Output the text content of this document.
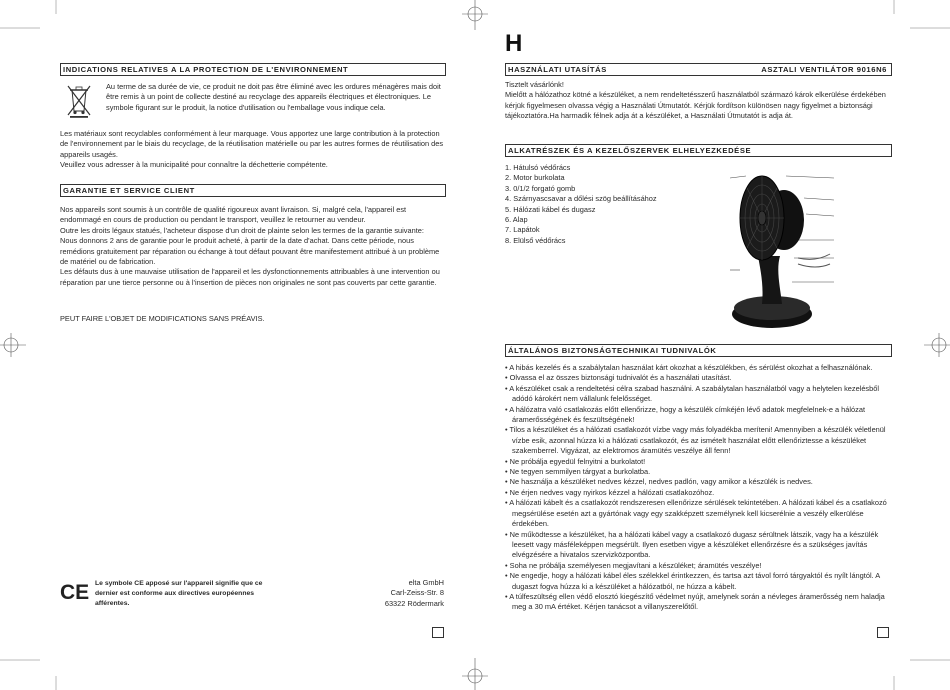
INDICATIONS RELATIVES A LA PROTECTION DE L'ENVIRONNEMENT
Au terme de sa durée de vie, ce produit ne doit pas être éliminé avec les ordures ménagères mais doit être remis à un point de collecte destiné au recyclage des appareils électriques et électroniques. Le symbole figurant sur le produit, la notice d'utilisation ou l'emballage vous indique cela.

Les matériaux sont recyclables conformément à leur marquage. Vous apportez une large contribution à la protection de l'environnement par le biais du recyclage, de la réutilisation matérielle ou par les autres formes de réutilisation des appareils usagés.

Veuillez vous adresser à la municipalité pour connaître la déchetterie compétente.

GARANTIE ET SERVICE CLIENT

Nos appareils sont soumis à un contrôle de qualité rigoureux avant livraison. Si, malgré cela, l'appareil est endommagé en cours de production ou pendant le transport, veuillez le retourner au vendeur.

Outre les droits légaux statués, l'acheteur dispose d'un droit de plainte selon les termes de la garantie suivante:

Nous donnons 2 ans de garantie pour le produit acheté, à partir de la date d'achat. Dans cette période, nous remédions gratuitement par réparation ou échange à tout défaut pouvant être manifestement attribué à un problème de matériel ou de fabrication.

Les défauts dus à une mauvaise utilisation de l'appareil et les dysfonctionnements attribuables à une intervention ou réparation par une tierce personne ou à l'insertion de pièces non originales ne sont pas couverts par cette garantie.

PEUT FAIRE L'OBJET DE MODIFICATIONS SANS PRÉAVIS.
CE Le symbole CE apposé sur l'appareil signifie que ce dernier est conforme aux directives européennes afférentes.

elta GmbH

Carl-Zeiss-Str. 8

63322 Rödermark

H
HASZNÁLATI UTASÍTÁS	ASZTALI VENTILÁTOR 9016N6

Tisztelt vásárlónk!

Mielőtt a hálózathoz kötné a készüléket, a nem rendeltetésszerű használatból származó károk elkerülése érdekében kérjük figyelmesen olvassa végig a Használati Útmutatót. Kérjük fordítson különösen nagy figyelmet a biztonsági tájékoztatóra.Ha harmadik félnek adja át a készüléket, a Használati Útmutatót is adja át.

ALKATRÉSZEK ÉS A KEZELŐSZERVEK ELHELYEZKEDÉSE
1. Hátulsó védőrács
2. Motor burkolata
3. 0/1/2 forgató gomb
4. Szárnyascsavar a dőlési szög beállításához
5. Hálózati kábel és dugasz
6. Alap
7. Lapátok
8. Elülső védőrács
ÁLTALÁNOS BIZTONSÁGTECHNIKAI TUDNIVALÓK
• A hibás kezelés és a szabálytalan használat kárt okozhat a készülékben, és sérülést okozhat a felhasználónak.
• Olvassa el az összes biztonsági tudnivalót és a használati utasítást.
• A készüléket csak a rendeltetési célra szabad használni. A szabálytalan használatból vagy a helytelen kezelésből adódó károkért nem vállalunk felelősséget.
• A hálózatra való csatlakozás előtt ellenőrizze, hogy a készülék címkéjén lévő adatok megfelelnek-e a hálózat áramerősségének és feszültségének!
• Tilos a készüléket és a hálózati csatlakozót vízbe vagy más folyadékba meríteni! Amennyiben a készülék véletlenül vízbe esik, azonnal húzza ki a hálózati csatlakozót, és az ismételt használat előtt ellenőriztesse a készüléket szakemberrel. Vigyázat, az elektromos áramütés veszélye áll fenn!
• Ne próbálja egyedül felnyitni a burkolatot!
• Ne tegyen semmilyen tárgyat a burkolatba.
• Ne használja a készüléket nedves kézzel, nedves padlón, vagy amikor a készülék is nedves.
• Ne érjen nedves vagy nyirkos kézzel a hálózati csatlakozóhoz.
• A hálózati kábelt és a csatlakozót rendszeresen ellenőrizze sérülések tekintetében. A hálózati kábel és a csatlakozó megsérülése esetén azt a gyártónak vagy egy szakképzett személynek kell kicserélnie a veszély elkerülése érdekében.
• Ne működtesse a készüléket, ha a hálózati kábel vagy a csatlakozó dugasz sérültnek látszik, vagy ha a készülék leesett vagy másféleképpen megsérült. Ilyen esetben vigye a készüléket ellenőrzésre és a szükséges javítás elvégzésére a hivatalos szervizközpontba.
• Soha ne próbálja személyesen megjavítani a készüléket; áramütés veszélye!
• Ne engedje, hogy a hálózati kábel éles szélekkel érintkezzen, és tartsa azt távol forró tárgyaktól és nyílt lángtól. A dugaszt fogva húzza ki a készüléket a hálózatból, ne húzza a kábelt.
• A túlfeszültség ellen védő elosztó kiegészítő védelmet nyújt, amelynek során a névleges áramerősség nem haladja meg a 30 mA értéket. Kérjen tanácsot a villanyszerelőtől.
